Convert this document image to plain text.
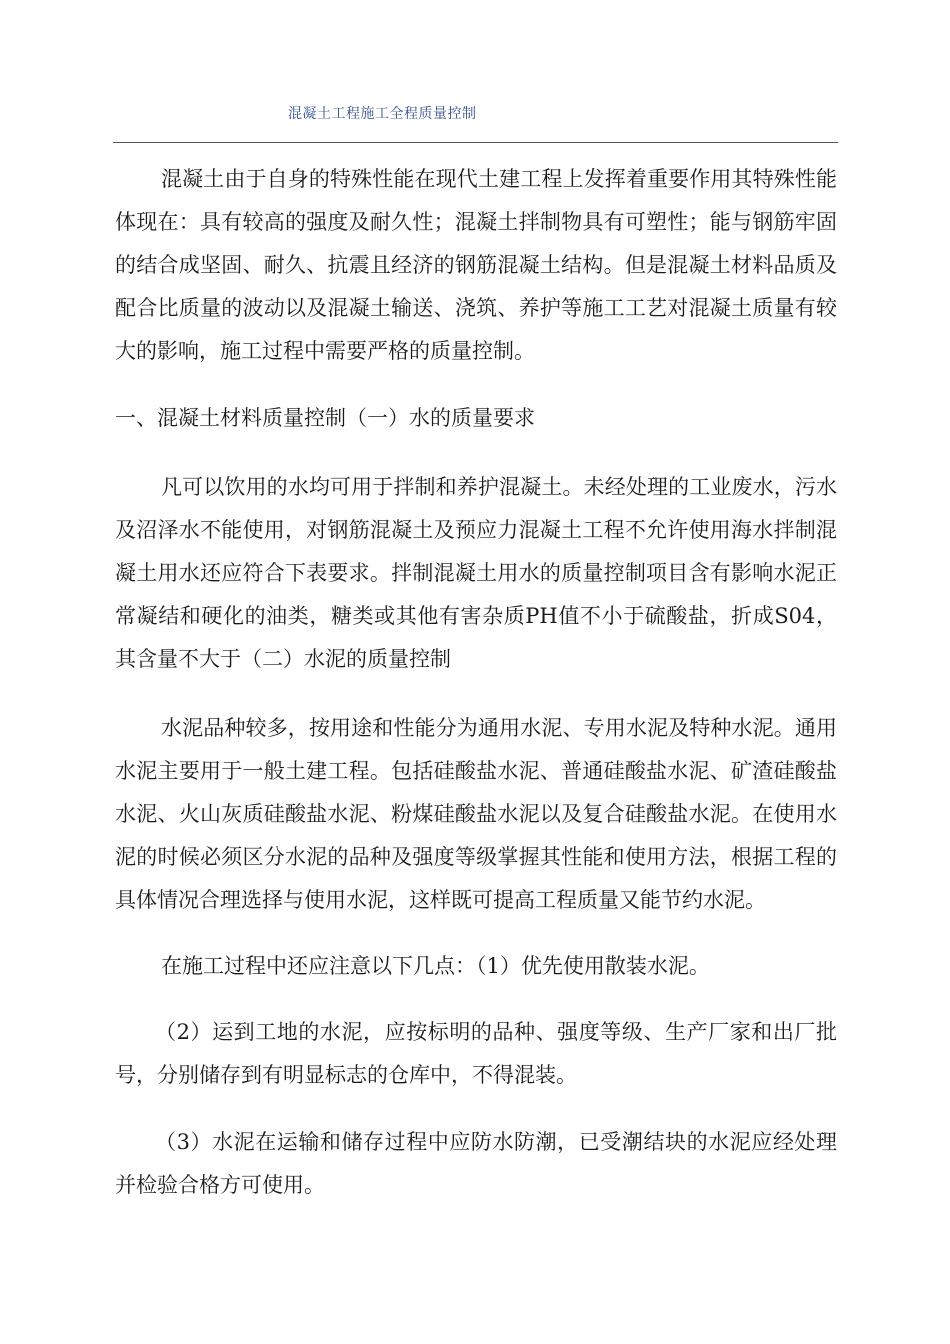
混凝土工程施工全程质量控制

混凝土由于自身的特殊性能在现代土建工程上发挥着重要作用其特殊性能体现在：具有较高的强度及耐久性；混凝土拌制物具有可塑性；能与钢筋牢固的结合成坚固、耐久、抗震且经济的钢筋混凝土结构。但是混凝土材料品质及配合比质量的波动以及混凝土输送、浇筑、养护等施工工艺对混凝土质量有较大的影响，施工过程中需要严格的质量控制。

一、混凝土材料质量控制（一）水的质量要求

凡可以饮用的水均可用于拌制和养护混凝土。未经处理的工业废水，污水及沼泽水不能使用，对钢筋混凝土及预应力混凝土工程不允许使用海水拌制混凝土用水还应符合下表要求。拌制混凝土用水的质量控制项目含有影响水泥正常凝结和硬化的油类，糖类或其他有害杂质PH值不小于硫酸盐，折成S04，其含量不大于（二）水泥的质量控制

水泥品种较多，按用途和性能分为通用水泥、专用水泥及特种水泥。通用水泥主要用于一般土建工程。包括硅酸盐水泥、普通硅酸盐水泥、矿渣硅酸盐水泥、火山灰质硅酸盐水泥、粉煤硅酸盐水泥以及复合硅酸盐水泥。在使用水泥的时候必须区分水泥的品种及强度等级掌握其性能和使用方法，根据工程的具体情况合理选择与使用水泥，这样既可提高工程质量又能节约水泥。

在施工过程中还应注意以下几点：（1）优先使用散装水泥。

（2）运到工地的水泥，应按标明的品种、强度等级、生产厂家和出厂批号，分别储存到有明显标志的仓库中，不得混装。

（3）水泥在运输和储存过程中应防水防潮，已受潮结块的水泥应经处理并检验合格方可使用。
